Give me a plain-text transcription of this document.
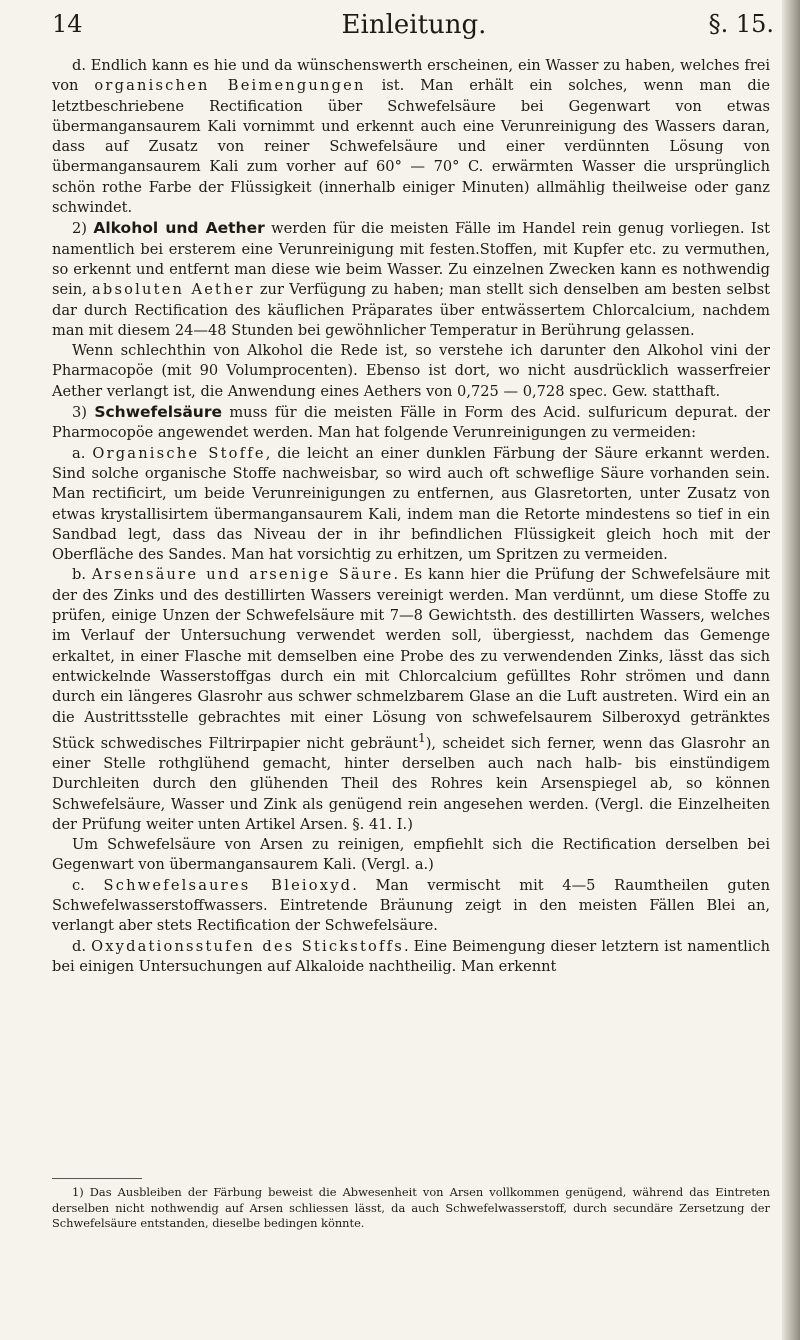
14	Einleitung.	§. 15.

d. Endlich kann es hie und da wünschenswerth erscheinen, ein Wasser zu haben, welches frei von organischen Beimengungen ist. Man erhält ein solches, wenn man die letztbeschriebene Rectification über Schwefelsäure bei Gegenwart von etwas übermangansaurem Kali vornimmt und erkennt auch eine Verunreinigung des Wassers daran, dass auf Zusatz von reiner Schwefelsäure und einer verdünnten Lösung von übermangansaurem Kali zum vorher auf 60° — 70° C. erwärmten Wasser die ursprünglich schön rothe Farbe der Flüssigkeit (innerhalb einiger Minuten) allmählig theilweise oder ganz schwindet.

2) Alkohol und Aether werden für die meisten Fälle im Handel rein genug vorliegen. Ist namentlich bei ersterem eine Verunreinigung mit festen.Stoffen, mit Kupfer etc. zu vermuthen, so erkennt und entfernt man diese wie beim Wasser. Zu einzelnen Zwecken kann es nothwendig sein, absoluten Aether zur Verfügung zu haben; man stellt sich denselben am besten selbst dar durch Rectification des käuflichen Präparates über entwässertem Chlorcalcium, nachdem man mit diesem 24—48 Stunden bei gewöhnlicher Temperatur in Berührung gelassen.

Wenn schlechthin von Alkohol die Rede ist, so verstehe ich darunter den Alkohol vini der Pharmacopöe (mit 90 Volumprocenten). Ebenso ist dort, wo nicht ausdrücklich wasserfreier Aether verlangt ist, die Anwendung eines Aethers von 0,725 — 0,728 spec. Gew. statthaft.

3) Schwefelsäure muss für die meisten Fälle in Form des Acid. sulfuricum depurat. der Pharmocopöe angewendet werden. Man hat folgende Verunreinigungen zu vermeiden:

a. Organische Stoffe, die leicht an einer dunklen Färbung der Säure erkannt werden. Sind solche organische Stoffe nachweisbar, so wird auch oft schweflige Säure vorhanden sein. Man rectificirt, um beide Verunreinigungen zu entfernen, aus Glasretorten, unter Zusatz von etwas krystallisirtem übermangansaurem Kali, indem man die Retorte mindestens so tief in ein Sandbad legt, dass das Niveau der in ihr befindlichen Flüssigkeit gleich hoch mit der Oberfläche des Sandes. Man hat vorsichtig zu erhitzen, um Spritzen zu vermeiden.

b. Arsensäure und arsenige Säure. Es kann hier die Prüfung der Schwefelsäure mit der des Zinks und des destillirten Wassers vereinigt werden. Man verdünnt, um diese Stoffe zu prüfen, einige Unzen der Schwefelsäure mit 7—8 Gewichtsth. des destillirten Wassers, welches im Verlauf der Untersuchung verwendet werden soll, übergiesst, nachdem das Gemenge erkaltet, in einer Flasche mit demselben eine Probe des zu verwendenden Zinks, lässt das sich entwickelnde Wasserstoffgas durch ein mit Chlorcalcium gefülltes Rohr strömen und dann durch ein längeres Glasrohr aus schwer schmelzbarem Glase an die Luft austreten. Wird ein an die Austrittsstelle gebrachtes mit einer Lösung von schwefelsaurem Silberoxyd getränktes Stück schwedisches Filtrirpapier nicht gebräunt$^1$), scheidet sich ferner, wenn das Glasrohr an einer Stelle rothglühend gemacht, hinter derselben auch nach halb- bis einstündigem Durchleiten durch den glühenden Theil des Rohres kein Arsenspiegel ab, so können Schwefelsäure, Wasser und Zink als genügend rein angesehen werden. (Vergl. die Einzelheiten der Prüfung weiter unten Artikel Arsen. §. 41. I.)

Um Schwefelsäure von Arsen zu reinigen, empfiehlt sich die Rectification derselben bei Gegenwart von übermangansaurem Kali. (Vergl. a.)

c. Schwefelsaures Bleioxyd. Man vermischt mit 4—5 Raumtheilen guten Schwefelwasserstoffwassers. Eintretende Bräunung zeigt in den meisten Fällen Blei an, verlangt aber stets Rectification der Schwefelsäure.

d. Oxydationsstufen des Stickstoffs. Eine Beimengung dieser letztern ist namentlich bei einigen Untersuchungen auf Alkaloide nachtheilig. Man erkennt

1) Das Ausbleiben der Färbung beweist die Abwesenheit von Arsen vollkommen genügend, während das Eintreten derselben nicht nothwendig auf Arsen schliessen lässt, da auch Schwefelwasserstoff, durch secundäre Zersetzung der Schwefelsäure entstanden, dieselbe bedingen könnte.
